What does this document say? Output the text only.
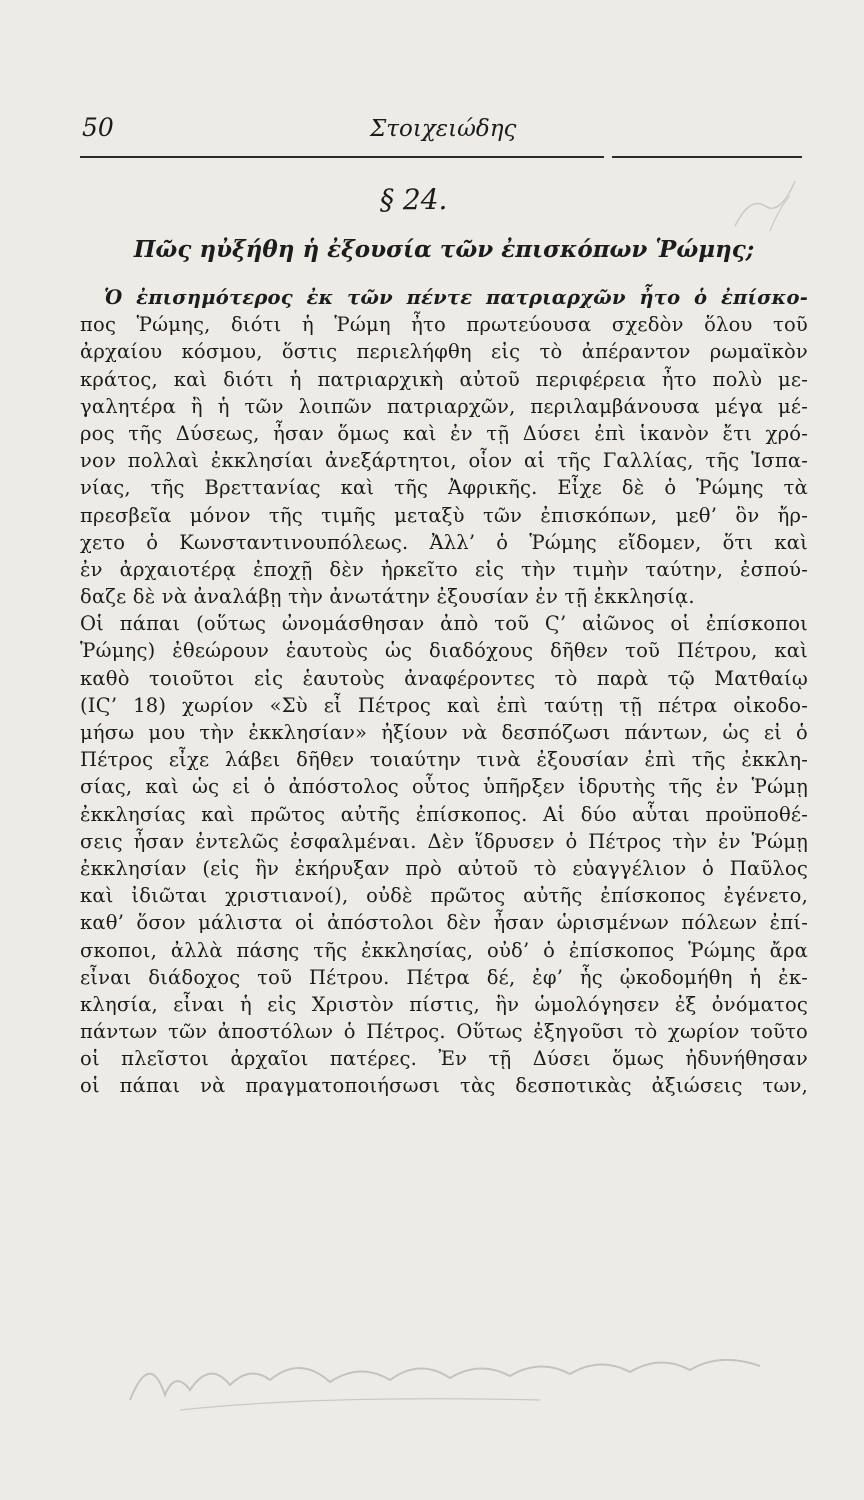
50	Στοιχειώδης
§ 24.
Πῶς ηὐξήθη ἡ ἐξουσία τῶν ἐπισκόπων Ῥώμης;
Ὁ ἐπισημότερος ἐκ τῶν πέντε πατριαρχῶν ἦτο ὁ ἐπίσκο-
πος Ῥώμης, διότι ἡ Ῥώμη ἦτο πρωτεύουσα σχεδὸν ὅλου τοῦ
ἀρχαίου κόσμου, ὅστις περιελήφθη εἰς τὸ ἀπέραντον ρωμαϊκὸν
κράτος, καὶ διότι ἡ πατριαρχικὴ αὐτοῦ περιφέρεια ἦτο πολὺ με-
γαλητέρα ἢ ἡ τῶν λοιπῶν πατριαρχῶν, περιλαμβάνουσα μέγα μέ-
ρος τῆς Δύσεως, ἦσαν ὅμως καὶ ἐν τῇ Δύσει ἐπὶ ἱκανὸν ἔτι χρό-
νον πολλαὶ ἐκκλησίαι ἀνεξάρτητοι, οἷον αἱ τῆς Γαλλίας, τῆς Ἱσπα-
νίας, τῆς Βρεττανίας καὶ τῆς Ἀφρικῆς. Εἶχε δὲ ὁ Ῥώμης τὰ
πρεσβεῖα μόνον τῆς τιμῆς μεταξὺ τῶν ἐπισκόπων, μεθ’ ὃν ἤρ-
χετο ὁ Κωνσταντινουπόλεως. Ἀλλ’ ὁ Ῥώμης εἴδομεν, ὅτι καὶ
ἐν ἀρχαιοτέρᾳ ἐποχῇ δὲν ἠρκεῖτο εἰς τὴν τιμὴν ταύτην, ἐσπού-
δαζε δὲ νὰ ἀναλάβῃ τὴν ἀνωτάτην ἐξουσίαν ἐν τῇ ἐκκλησίᾳ.
Οἱ πάπαι (οὕτως ὠνομάσθησαν ἀπὸ τοῦ Ϛ’ αἰῶνος οἱ ἐπίσκοποι
Ῥώμης) ἐθεώρουν ἑαυτοὺς ὡς διαδόχους δῆθεν τοῦ Πέτρου, καὶ
καθὸ τοιοῦτοι εἰς ἑαυτοὺς ἀναφέροντες τὸ παρὰ τῷ Ματθαίῳ
(ΙϚ’ 18) χωρίον «Σὺ εἶ Πέτρος καὶ ἐπὶ ταύτῃ τῇ πέτρα οἰκοδο-
μήσω μου τὴν ἐκκλησίαν» ἠξίουν νὰ δεσπόζωσι πάντων, ὡς εἰ ὁ
Πέτρος εἶχε λάβει δῆθεν τοιαύτην τινὰ ἐξουσίαν ἐπὶ τῆς ἐκκλη-
σίας, καὶ ὡς εἰ ὁ ἀπόστολος οὗτος ὑπῆρξεν ἱδρυτὴς τῆς ἐν Ῥώμῃ
ἐκκλησίας καὶ πρῶτος αὐτῆς ἐπίσκοπος. Αἱ δύο αὗται προϋποθέ-
σεις ἦσαν ἐντελῶς ἐσφαλμέναι. Δὲν ἵδρυσεν ὁ Πέτρος τὴν ἐν Ῥώμῃ
ἐκκλησίαν (εἰς ἣν ἐκήρυξαν πρὸ αὐτοῦ τὸ εὐαγγέλιον ὁ Παῦλος
καὶ ἰδιῶται χριστιανοί), οὐδὲ πρῶτος αὐτῆς ἐπίσκοπος ἐγένετο,
καθ’ ὅσον μάλιστα οἱ ἀπόστολοι δὲν ἦσαν ὡρισμένων πόλεων ἐπί-
σκοποι, ἀλλὰ πάσης τῆς ἐκκλησίας, οὐδ’ ὁ ἐπίσκοπος Ῥώμης ἄρα
εἶναι διάδοχος τοῦ Πέτρου. Πέτρα δέ, ἐφ’ ἧς ᾠκοδομήθη ἡ ἐκ-
κλησία, εἶναι ἡ εἰς Χριστὸν πίστις, ἣν ὡμολόγησεν ἐξ ὀνόματος
πάντων τῶν ἀποστόλων ὁ Πέτρος. Οὕτως ἐξηγοῦσι τὸ χωρίον τοῦτο
οἱ πλεῖστοι ἀρχαῖοι πατέρες. Ἐν τῇ Δύσει ὅμως ἠδυνήθησαν
οἱ πάπαι νὰ πραγματοποιήσωσι τὰς δεσποτικὰς ἀξιώσεις των,
